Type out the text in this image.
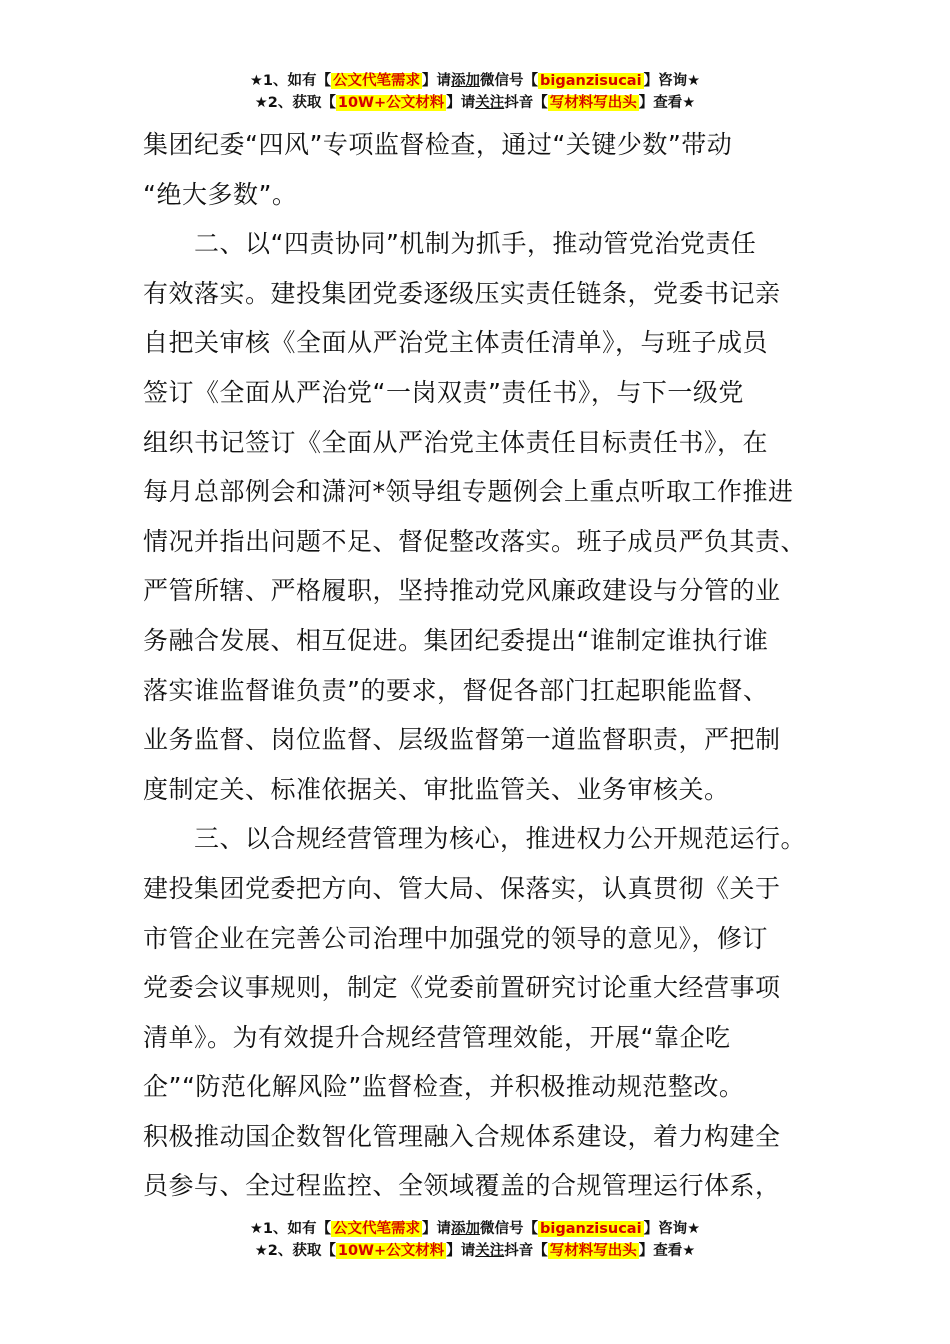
★1、如有【 公文代笔需求 】请添加微信号【 biganzisucai 】咨询★
★2、获取【 10W+公文材料 】请关注抖音【 写材料写出头 】查看★
集团纪委“四风”专项监督检查，通过“关键少数”带动
“绝大多数”。
　　二、以“四责协同”机制为抓手，推动管党治党责任
有效落实。建投集团党委逐级压实责任链条，党委书记亲
自把关审核《全面从严治党主体责任清单》，与班子成员
签订《全面从严治党“一岗双责”责任书》，与下一级党
组织书记签订《全面从严治党主体责任目标责任书》，在
每月总部例会和潇河*领导组专题例会上重点听取工作推进
情况并指出问题不足、督促整改落实。班子成员严负其责、
严管所辖、严格履职，坚持推动党风廉政建设与分管的业
务融合发展、相互促进。集团纪委提出“谁制定谁执行谁
落实谁监督谁负责”的要求，督促各部门扛起职能监督、
业务监督、岗位监督、层级监督第一道监督职责，严把制
度制定关、标准依据关、审批监管关、业务审核关。
　　三、以合规经营管理为核心，推进权力公开规范运行。
建投集团党委把方向、管大局、保落实，认真贯彻《关于
市管企业在完善公司治理中加强党的领导的意见》，修订
党委会议事规则，制定《党委前置研究讨论重大经营事项
清单》。为有效提升合规经营管理效能，开展“靠企吃
企”“防范化解风险”监督检查，并积极推动规范整改。
积极推动国企数智化管理融入合规体系建设，着力构建全
员参与、全过程监控、全领域覆盖的合规管理运行体系，
★1、如有【 公文代笔需求 】请添加微信号【 biganzisucai 】咨询★
★2、获取【 10W+公文材料 】请关注抖音【 写材料写出头 】查看★
